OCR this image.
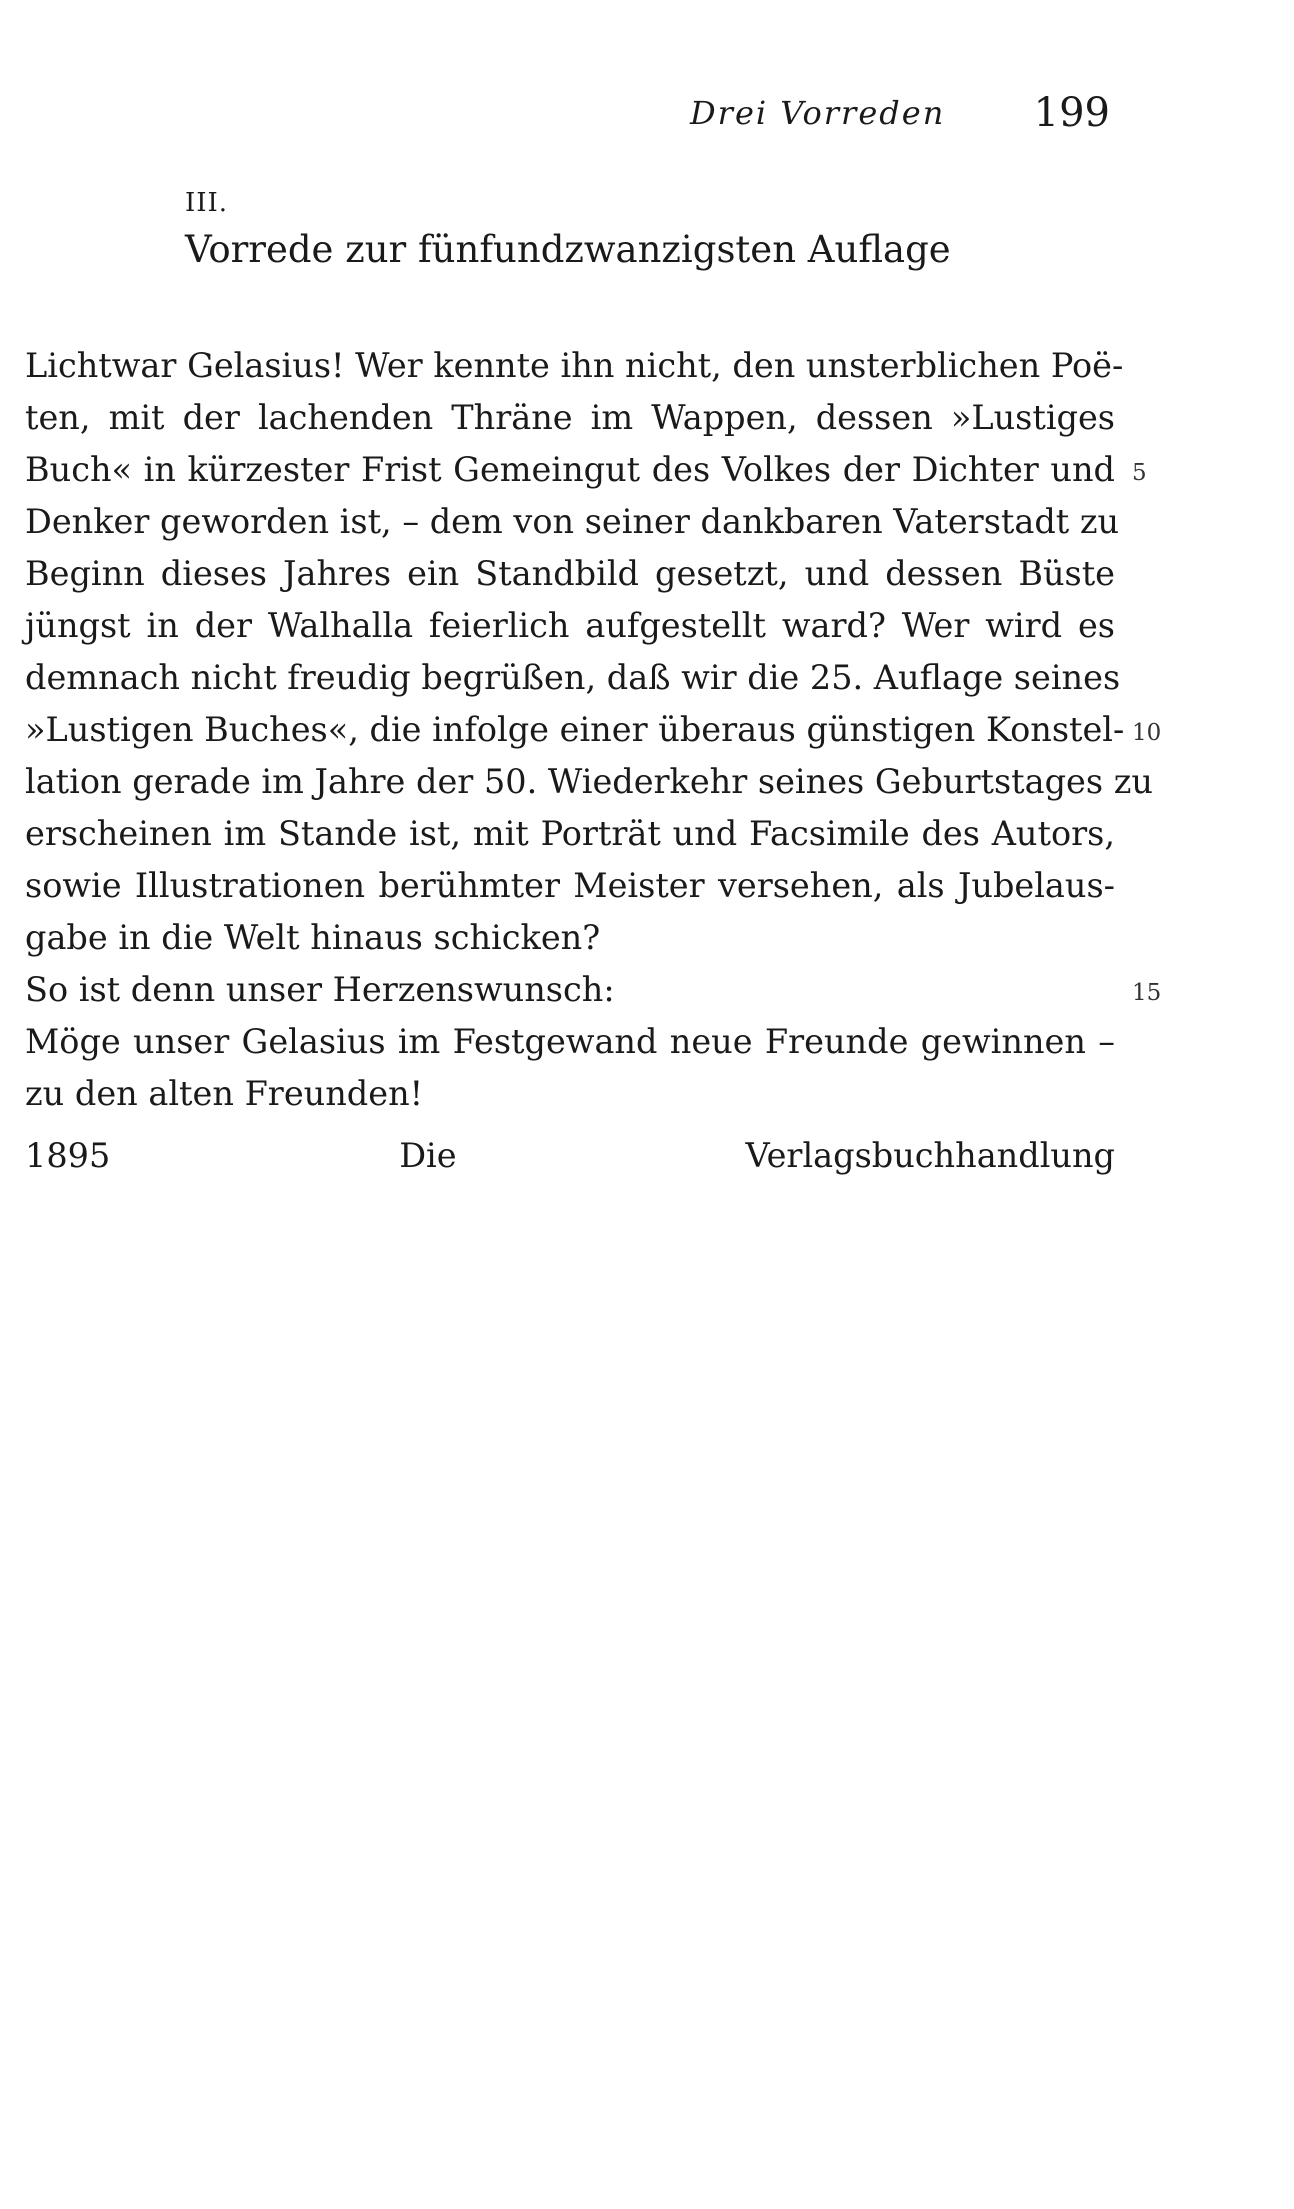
Drei Vorreden 199
III.
Vorrede zur fünfundzwanzigsten Auflage
Lichtwar Gelasius! Wer kennte ihn nicht, den unsterblichen Poë-
ten, mit der lachenden Thräne im Wappen, dessen »Lustiges
Buch« in kürzester Frist Gemeingut des Volkes der Dichter und
Denker geworden ist, – dem von seiner dankbaren Vaterstadt zu
Beginn dieses Jahres ein Standbild gesetzt, und dessen Büste
jüngst in der Walhalla feierlich aufgestellt ward? Wer wird es
demnach nicht freudig begrüßen, daß wir die 25. Auflage seines
»Lustigen Buches«, die infolge einer überaus günstigen Konstel-
lation gerade im Jahre der 50. Wiederkehr seines Geburtstages zu
erscheinen im Stande ist, mit Porträt und Facsimile des Autors,
sowie Illustrationen berühmter Meister versehen, als Jubelaus-
gabe in die Welt hinaus schicken?
So ist denn unser Herzenswunsch:
Möge unser Gelasius im Festgewand neue Freunde gewinnen –
zu den alten Freunden!
1895	Die Verlagsbuchhandlung
5
10
15
